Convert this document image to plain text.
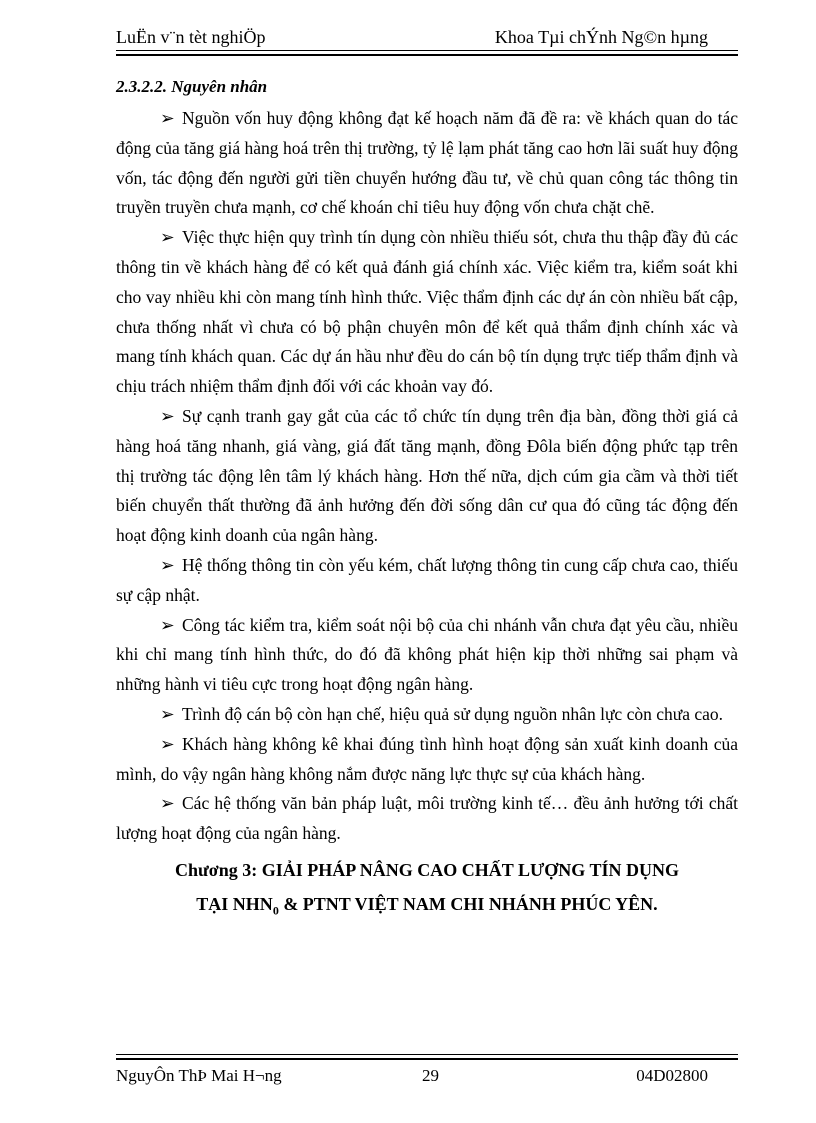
LuËn v¨n tèt nghiÖp	Khoa Tµi chÝnh Ng©n hµng

2.3.2.2. Nguyên nhân

➢ Nguồn vốn huy động không đạt kế hoạch năm đã đề ra: về khách quan do tác động của tăng giá hàng hoá trên thị trường, tỷ lệ lạm phát tăng cao hơn lãi suất huy động vốn, tác động đến người gửi tiền chuyển hướng đầu tư, về chủ quan công tác thông tin truyền truyền chưa mạnh, cơ chế khoán chỉ tiêu huy động vốn chưa chặt chẽ.

➢ Việc thực hiện quy trình tín dụng còn nhiều thiếu sót, chưa thu thập đầy đủ các thông tin về khách hàng để có kết quả đánh giá chính xác. Việc kiểm tra, kiểm soát khi cho vay nhiều khi còn mang tính hình thức. Việc thẩm định các dự án còn nhiều bất cập, chưa thống nhất vì chưa có bộ phận chuyên môn để kết quả thẩm định chính xác và mang tính khách quan. Các dự án hầu như đều do cán bộ tín dụng trực tiếp thẩm định và chịu trách nhiệm thẩm định đối với các khoản vay đó.

➢ Sự cạnh tranh gay gắt của các tổ chức tín dụng trên địa bàn, đồng thời giá cả hàng hoá tăng nhanh, giá vàng, giá đất tăng mạnh, đồng Đôla biến động phức tạp trên thị trường tác động lên tâm lý khách hàng. Hơn thế nữa, dịch cúm gia cầm và thời tiết biến chuyển thất thường đã ảnh hưởng đến đời sống dân cư qua đó cũng tác động đến hoạt động kinh doanh của ngân hàng.

➢ Hệ thống thông tin còn yếu kém, chất lượng thông tin cung cấp chưa cao, thiếu sự cập nhật.

➢ Công tác kiểm tra, kiểm soát nội bộ của chi nhánh vẫn chưa đạt yêu cầu, nhiều khi chỉ mang tính hình thức, do đó đã không phát hiện kịp thời những sai phạm và những hành vi tiêu cực trong hoạt động ngân hàng.

➢ Trình độ cán bộ còn hạn chế, hiệu quả sử dụng nguồn nhân lực còn chưa cao.

➢ Khách hàng không kê khai đúng tình hình hoạt động sản xuất kinh doanh của mình, do vậy ngân hàng không nắm được năng lực thực sự của khách hàng.

➢ Các hệ thống văn bản pháp luật, môi trường kinh tế… đều ảnh hưởng tới chất lượng hoạt động của ngân hàng.

Chương 3: GIẢI PHÁP NÂNG CAO CHẤT LƯỢNG TÍN DỤNG

TẠI $NHN_0$ & PTNT VIỆT NAM CHI NHÁNH PHÚC YÊN.

NguyÔn ThÞ Mai H¬ng	29	04D02800
